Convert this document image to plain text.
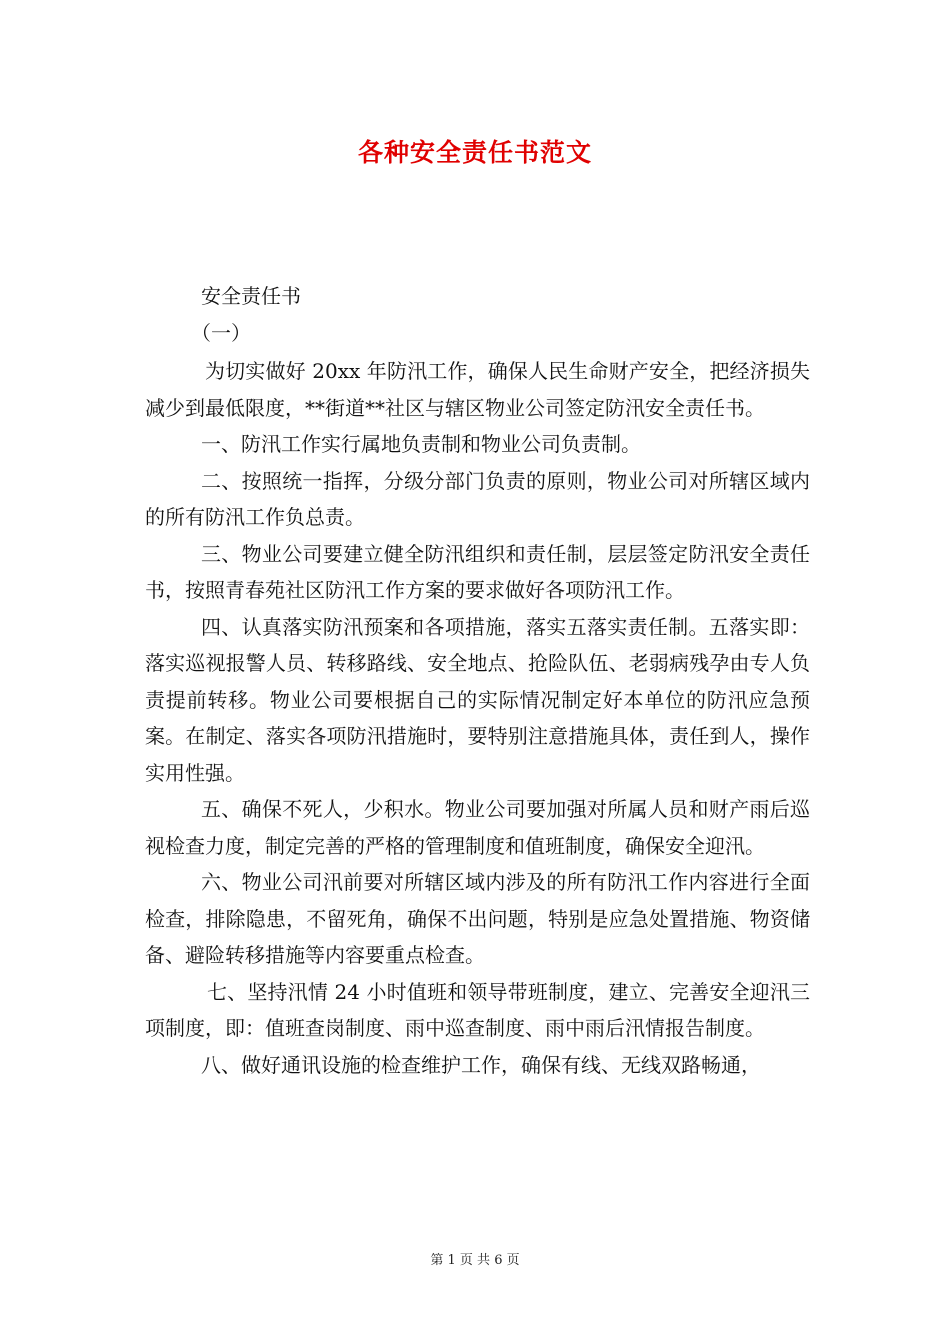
各种安全责任书范文
安全责任书
（一）

为切实做好 20xx 年防汛工作，确保人民生命财产安全，把经济损失减少到最低限度，**街道**社区与辖区物业公司签定防汛安全责任书。

一、防汛工作实行属地负责制和物业公司负责制。

二、按照统一指挥，分级分部门负责的原则，物业公司对所辖区域内的所有防汛工作负总责。

三、物业公司要建立健全防汛组织和责任制，层层签定防汛安全责任书，按照青春苑社区防汛工作方案的要求做好各项防汛工作。

四、认真落实防汛预案和各项措施，落实五落实责任制。五落实即：落实巡视报警人员、转移路线、安全地点、抢险队伍、老弱病残孕由专人负责提前转移。物业公司要根据自己的实际情况制定好本单位的防汛应急预案。在制定、落实各项防汛措施时，要特别注意措施具体，责任到人，操作实用性强。

五、确保不死人，少积水。物业公司要加强对所属人员和财产雨后巡视检查力度，制定完善的严格的管理制度和值班制度，确保安全迎汛。

六、物业公司汛前要对所辖区域内涉及的所有防汛工作内容进行全面检查，排除隐患，不留死角，确保不出问题，特别是应急处置措施、物资储备、避险转移措施等内容要重点检查。

七、坚持汛情 24 小时值班和领导带班制度，建立、完善安全迎汛三项制度，即：值班查岗制度、雨中巡查制度、雨中雨后汛情报告制度。

八、做好通讯设施的检查维护工作，确保有线、无线双路畅通，

第 1 页 共 6 页
